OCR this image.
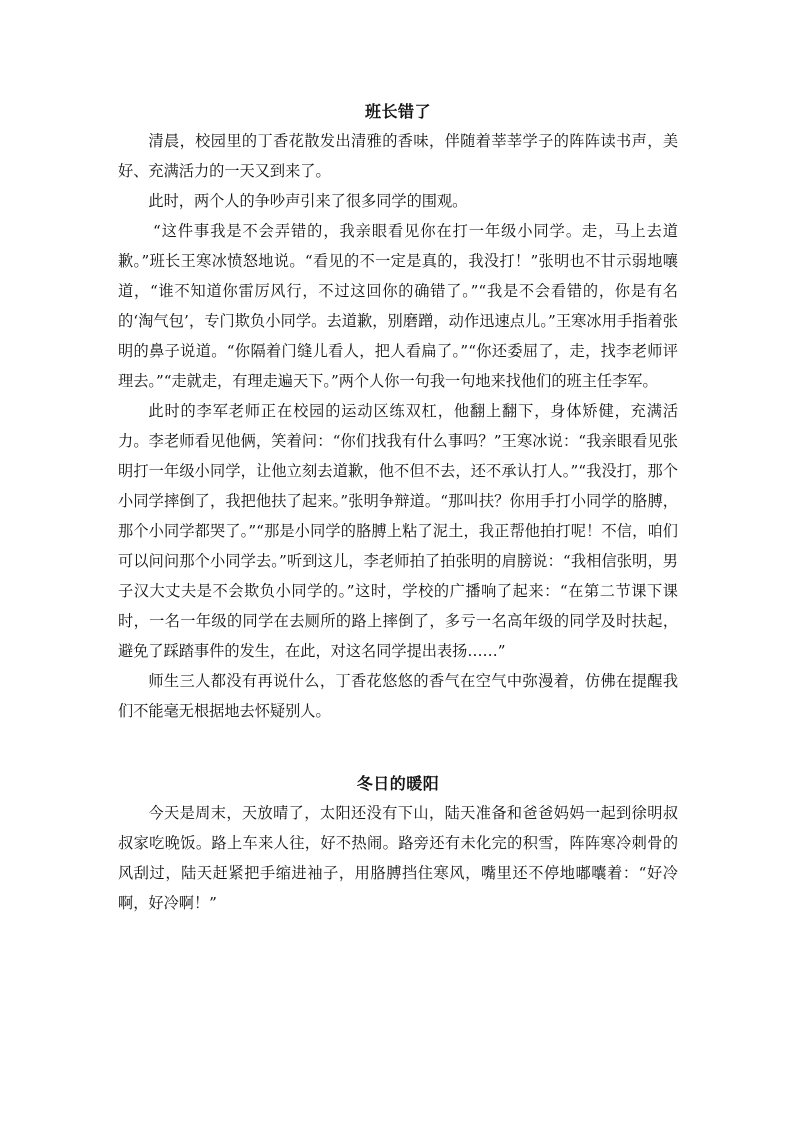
班长错了

清晨，校园里的丁香花散发出清雅的香味，伴随着莘莘学子的阵阵读书声，美好、充满活力的一天又到来了。

此时，两个人的争吵声引来了很多同学的围观。

“这件事我是不会弄错的，我亲眼看见你在打一年级小同学。走，马上去道歉。”班长王寒冰愤怒地说。“看见的不一定是真的，我没打！”张明也不甘示弱地嚷道，“谁不知道你雷厉风行，不过这回你的确错了。”“我是不会看错的，你是有名的‘淘气包’，专门欺负小同学。去道歉，别磨蹭，动作迅速点儿。”王寒冰用手指着张明的鼻子说道。“你隔着门缝儿看人，把人看扁了。”“你还委屈了，走，找李老师评理去。”“走就走，有理走遍天下。”两个人你一句我一句地来找他们的班主任李军。

此时的李军老师正在校园的运动区练双杠，他翻上翻下，身体矫健，充满活力。李老师看见他俩，笑着问：“你们找我有什么事吗？”王寒冰说：“我亲眼看见张明打一年级小同学，让他立刻去道歉，他不但不去，还不承认打人。”“我没打，那个小同学摔倒了，我把他扶了起来。”张明争辩道。“那叫扶？你用手打小同学的胳膊，那个小同学都哭了。”“那是小同学的胳膊上粘了泥土，我正帮他拍打呢！不信，咱们可以问问那个小同学去。”听到这儿，李老师拍了拍张明的肩膀说：“我相信张明，男子汉大丈夫是不会欺负小同学的。”这时，学校的广播响了起来：“在第二节课下课时，一名一年级的同学在去厕所的路上摔倒了，多亏一名高年级的同学及时扶起，避免了踩踏事件的发生，在此，对这名同学提出表扬……”

师生三人都没有再说什么，丁香花悠悠的香气在空气中弥漫着，仿佛在提醒我们不能毫无根据地去怀疑别人。

冬日的暖阳

今天是周末，天放晴了，太阳还没有下山，陆天准备和爸爸妈妈一起到徐明叔叔家吃晚饭。路上车来人往，好不热闹。路旁还有未化完的积雪，阵阵寒冷刺骨的风刮过，陆天赶紧把手缩进袖子，用胳膊挡住寒风，嘴里还不停地嘟囔着：“好冷啊，好冷啊！”
